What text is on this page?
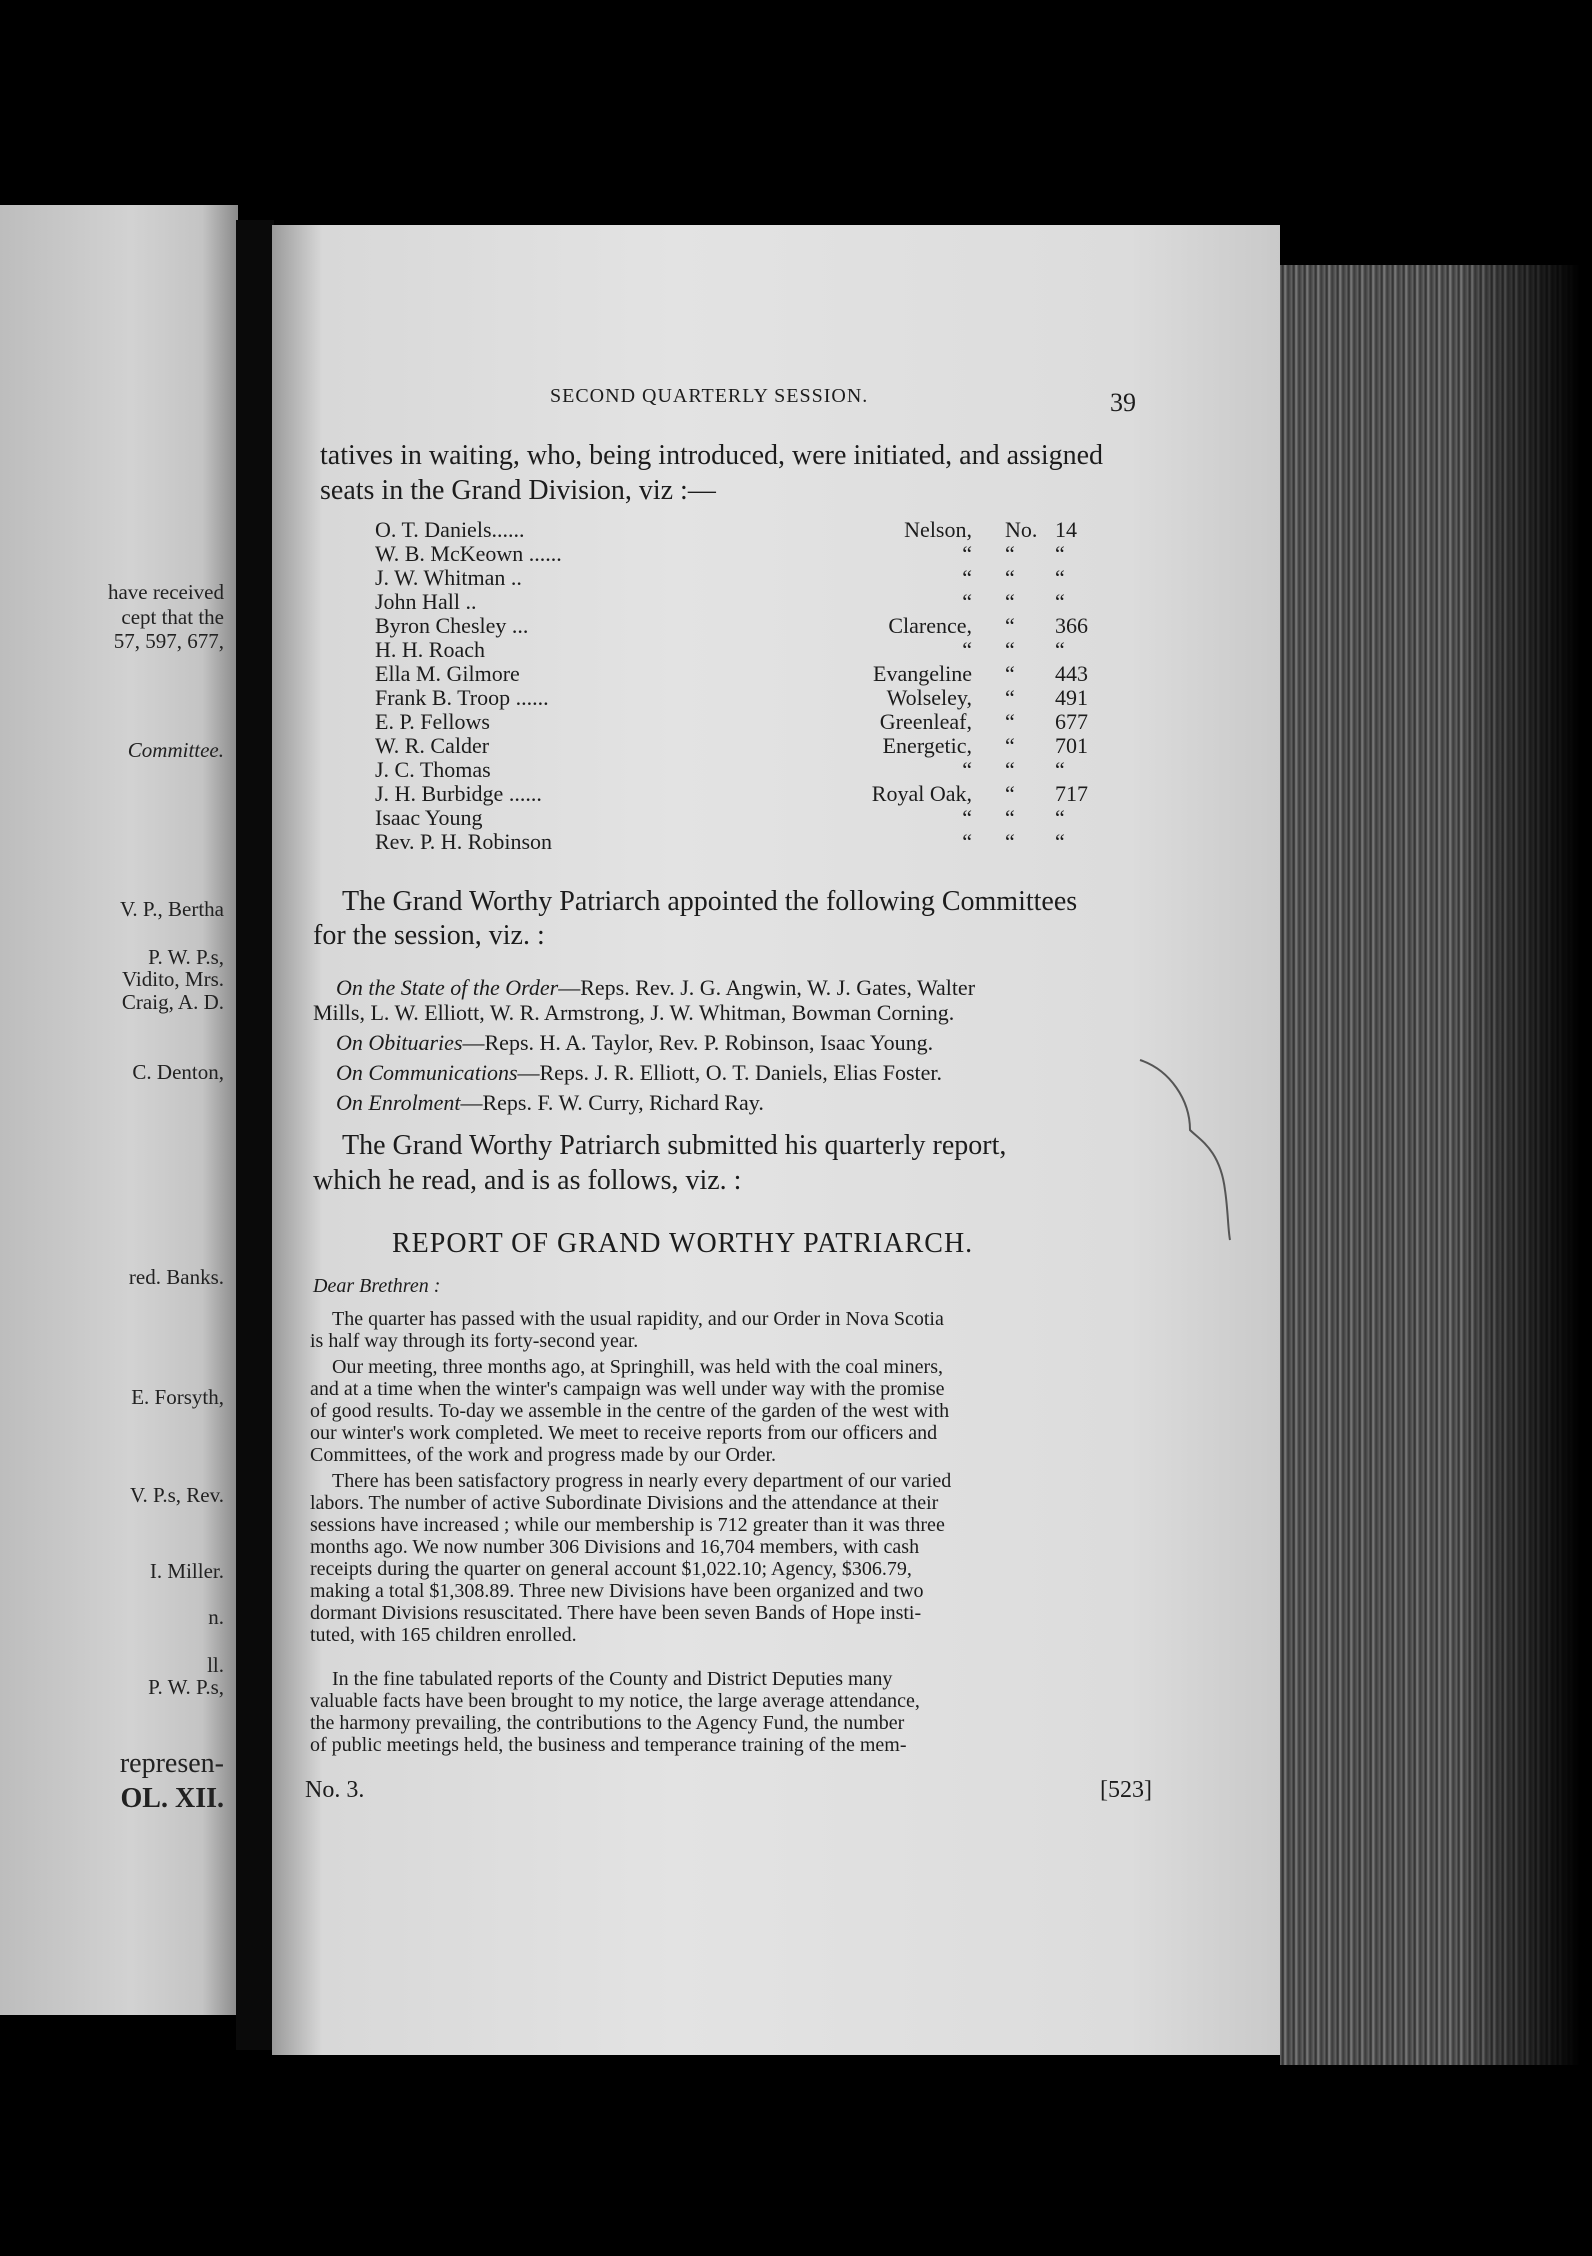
have received
cept that the
57, 597, 677,
Committee.
V. P., Bertha
P. W. P.s,
Vidito, Mrs.
Craig, A. D.
C. Denton,
red. Banks.
E. Forsyth,
V. P.s, Rev.
I. Miller.
n.
ll.
P. W. P.s,
represen-
OL. XII.
SECOND QUARTERLY SESSION.	39
tatives in waiting, who, being introduced, were initiated, and assigned
seats in the Grand Division, viz :—
O. T. Daniels......	Nelson, No. 14
W. B. McKeown ......	“ “ “
J. W. Whitman ..	“ “ “
John Hall ..	“ “ “
Byron Chesley ...	Clarence, “ 366
H. H. Roach	“ “ “
Ella M. Gilmore	Evangeline “ 443
Frank B. Troop ......	Wolseley, “ 491
E. P. Fellows	Greenleaf, “ 677
W. R. Calder	Energetic, “ 701
J. C. Thomas	“ “ “
J. H. Burbidge ......	Royal Oak, “ 717
Isaac Young	“ “ “
Rev. P. H. Robinson	“ “ “
The Grand Worthy Patriarch appointed the following Committees
for the session, viz. :
On the State of the Order—Reps. Rev. J. G. Angwin, W. J. Gates, Walter
Mills, L. W. Elliott, W. R. Armstrong, J. W. Whitman, Bowman Corning.
On Obituaries—Reps. H. A. Taylor, Rev. P. Robinson, Isaac Young.
On Communications—Reps. J. R. Elliott, O. T. Daniels, Elias Foster.
On Enrolment—Reps. F. W. Curry, Richard Ray.
The Grand Worthy Patriarch submitted his quarterly report,
which he read, and is as follows, viz. :
REPORT OF GRAND WORTHY PATRIARCH.
Dear Brethren :
The quarter has passed with the usual rapidity, and our Order in Nova Scotia
is half way through its forty-second year.
Our meeting, three months ago, at Springhill, was held with the coal miners,
and at a time when the winter's campaign was well under way with the promise
of good results. To-day we assemble in the centre of the garden of the west with
our winter's work completed. We meet to receive reports from our officers and
Committees, of the work and progress made by our Order.
There has been satisfactory progress in nearly every department of our varied
labors. The number of active Subordinate Divisions and the attendance at their
sessions have increased ; while our membership is 712 greater than it was three
months ago. We now number 306 Divisions and 16,704 members, with cash
receipts during the quarter on general account $1,022.10; Agency, $306.79,
making a total $1,308.89. Three new Divisions have been organized and two
dormant Divisions resuscitated. There have been seven Bands of Hope insti-
tuted, with 165 children enrolled.
In the fine tabulated reports of the County and District Deputies many
valuable facts have been brought to my notice, the large average attendance,
the harmony prevailing, the contributions to the Agency Fund, the number
of public meetings held, the business and temperance training of the mem-
No. 3.	[523]
